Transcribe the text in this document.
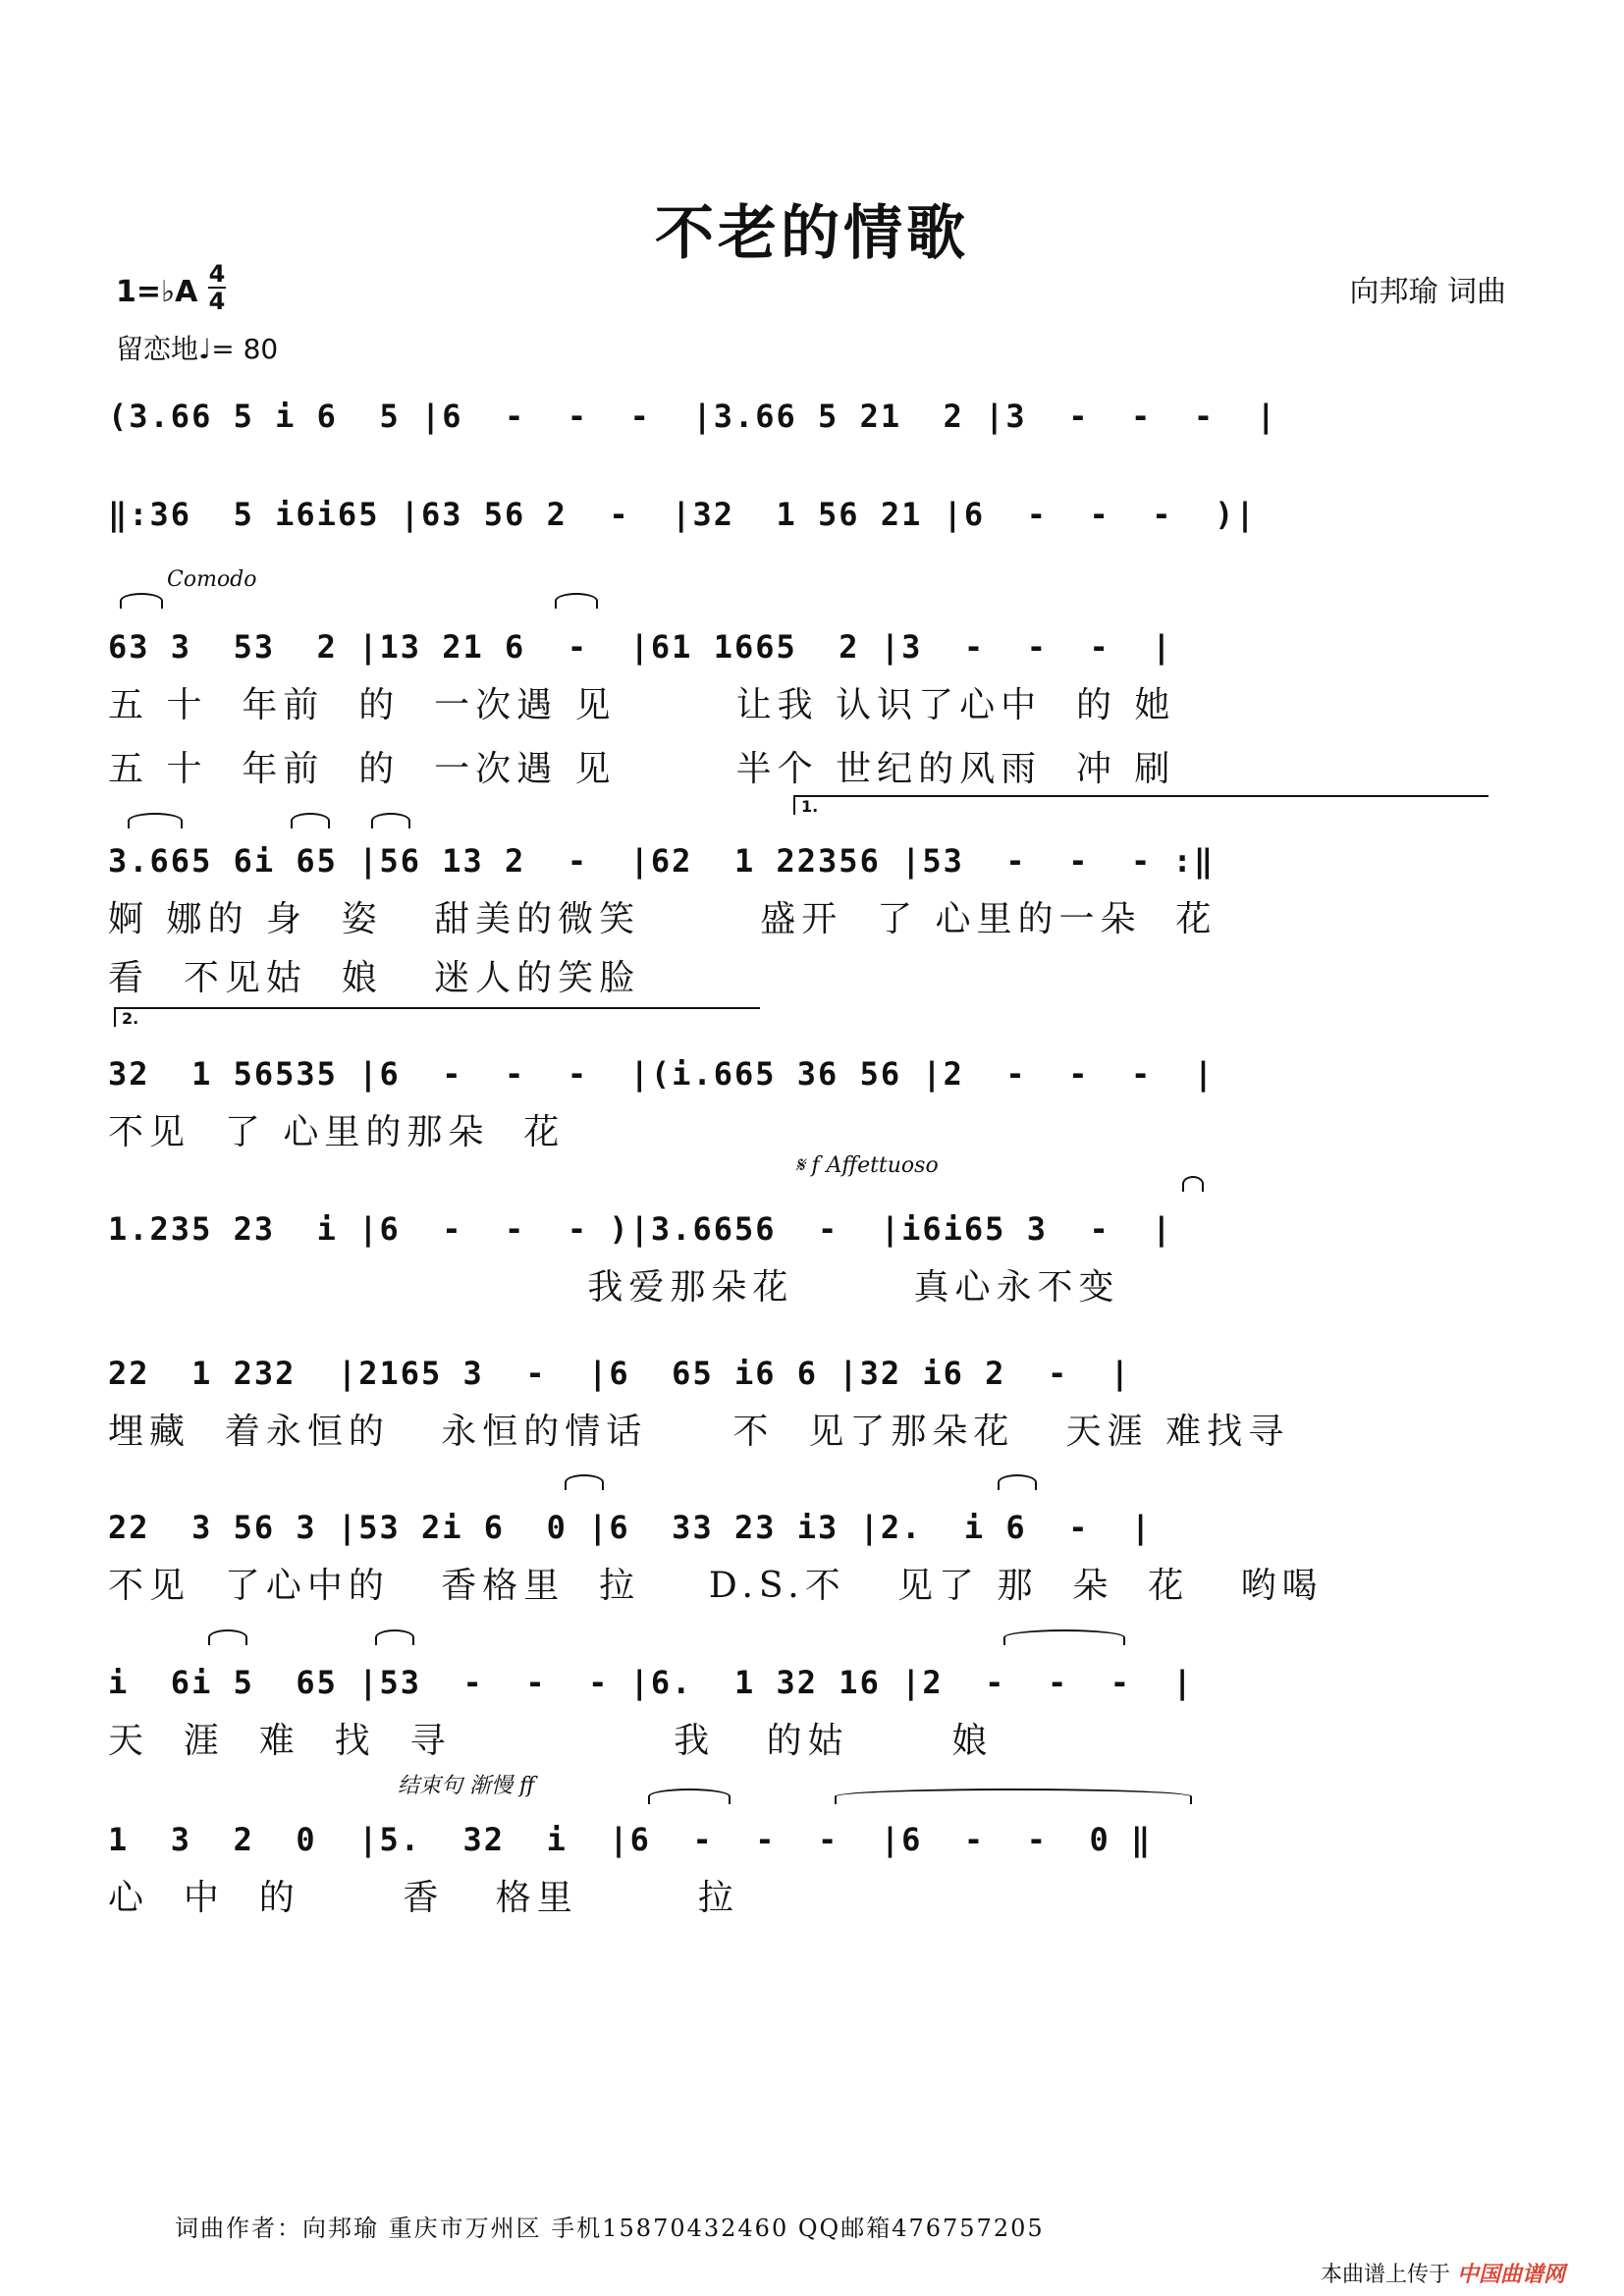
不老的情歌
向邦瑜 词曲
1=♭A
4
4
留恋地♩= 80
(3.66 5 i 6  5 |6  -  -  -  |3.66 5 21  2 |3  -  -  -  |
‖:36  5 i6i65 |63 56 2  -  |32  1 56 21 |6  -  -  -  )|
Comodo
63 3  53  2 |13 21 6  -  |61 1665  2 |3  -  -  -  |
五 十  年前  的  一次遇 见       让我 认识了心中  的 她
五 十  年前  的  一次遇 见       半个 世纪的风雨  冲 刷
1.
3.665 6i 65 |56 13 2  -  |62  1 22356 |53  -  -  - :‖
婀 娜的 身  姿   甜美的微笑       盛开  了 心里的一朵  花
看  不见姑  娘   迷人的笑脸
2.
32  1 56535 |6  -  -  -  |(i.665 36 56 |2  -  -  -  |
不见  了 心里的那朵  花
𝄋 f Affettuoso
1.235 23  i |6  -  -  - )|3.6656  -  |i6i65 3  -  |
我爱那朵花       真心永不变
22  1 232  |2165 3  -  |6  65 i6 6 |32 i6 2  -  |
埋藏  着永恒的   永恒的情话     不  见了那朵花   天涯 难找寻
22  3 56 3 |53 2i 6  0 |6  33 23 i3 |2.  i 6  -  |
不见  了心中的   香格里  拉    D.S.不   见了 那  朵  花   哟喝
i  6i 5  65 |53  -  -  - |6.  1 32 16 |2  -  -  -  |
天  涯  难  找  寻             我   的姑      娘
结束句 渐慢 ff
1  3  2  0  |5.  32  i  |6  -  -  -  |6  -  -  0 ‖
心  中  的      香   格里       拉
词曲作者：向邦瑜 重庆市万州区 手机15870432460 QQ邮箱476757205
本曲谱上传于 中国曲谱网
